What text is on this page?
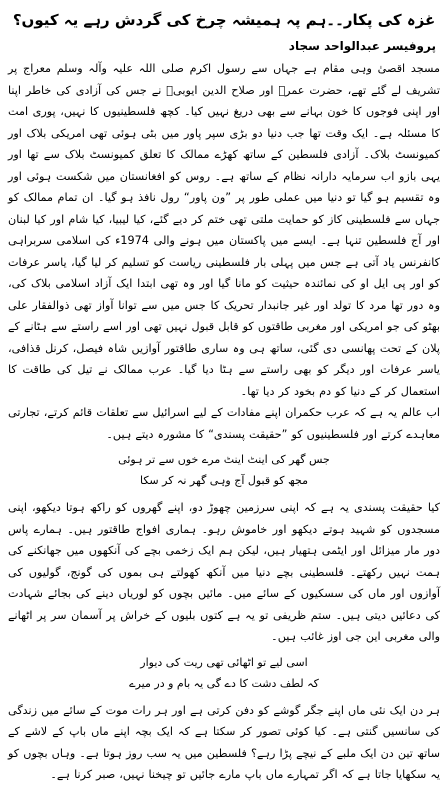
غزہ کی پکار۔۔ہم پہ ہمیشہ چرخ کی گردش رہے یہ کیوں؟
پروفیسر عبدالواحد سجاد

مسجد اقصیٰ وہی مقام ہے جہاں سے رسول اکرم صلی اللہ علیہ وآلہ وسلم معراج پر تشریف لے گئے تھے، حضرت عمرؓ اور صلاح الدین ایوبیؒ نے جس کی آزادی کی خاطر اپنا اور اپنی فوجوں کا خون بہانے سے بھی دریغ نہیں کیا۔ کچھ فلسطینیوں کا نہیں، پوری امت کا مسئلہ ہے۔ ایک وقت تھا جب دنیا دو بڑی سپر پاور میں بٹی ہوئی تھی امریکی بلاک اور کمیونسٹ بلاک۔ آزادی فلسطین کے ساتھ کھڑے ممالک کا تعلق کمیونسٹ بلاک سے تھا اور یہی بازو اب سرمایہ دارانہ نظام کے ساتھ ہے۔ روس کو افغانستان میں شکست ہوئی اور وہ تقسیم ہو گیا تو دنیا میں عملی طور پر ”ون پاور“ رول نافذ ہو گیا۔ ان تمام ممالک کو جہاں سے فلسطینی کاز کو حمایت ملتی تھی ختم کر دیے گئے، کیا لیبیا، کیا شام اور کیا لبنان اور آج فلسطین تنہا ہے۔ ایسے میں پاکستان میں ہونے والی 1974ء کی اسلامی سربراہی کانفرنس یاد آتی ہے جس میں پہلی بار فلسطینی ریاست کو تسلیم کر لیا گیا، یاسر عرفات کو اور پی ایل او کی نمائندہ حیثیت کو مانا گیا اور وہ تھی ابتدا ایک آزاد اسلامی بلاک کی، وہ دور تھا مرد کا تولد اور غیر جانبدار تحریک کا جس میں سے توانا آواز تھی ذوالفقار علی بھٹو کی جو امریکی اور مغربی طاقتوں کو قابل قبول نہیں تھی اور اسے راستے سے ہٹانے کے پلان کے تحت پھانسی دی گئی، ساتھ ہی وہ ساری طاقتور آوازیں شاہ فیصل، کرنل قذافی، یاسر عرفات اور دیگر کو بھی راستے سے ہٹا دیا گیا۔ عرب ممالک نے تیل کی طاقت کا استعمال کر کے دنیا کو دم بخود کر دیا تھا۔

اب عالم یہ ہے کہ عرب حکمران اپنے مفادات کے لیے اسرائیل سے تعلقات قائم کرتے، تجارتی معاہدے کرتے اور فلسطینیوں کو ”حقیقت پسندی“ کا مشورہ دیتے ہیں۔

جس گھر کی اینٹ اینٹ مرے خوں سے تر ہوئی
مجھ کو قبول آج وہی گھر نہ کر سکا

کیا حقیقت پسندی یہ ہے کہ اپنی سرزمین چھوڑ دو، اپنے گھروں کو راکھ ہوتا دیکھو، اپنی مسجدوں کو شہید ہوتے دیکھو اور خاموش رہو۔ ہماری افواج طاقتور ہیں۔ ہمارے پاس دور مار میزائل اور ایٹمی ہتھیار ہیں، لیکن ہم ایک زخمی بچے کی آنکھوں میں جھانکنے کی ہمت نہیں رکھتے۔ فلسطینی بچے دنیا میں آنکھ کھولتے ہی بموں کی گونج، گولیوں کی آوازوں اور ماں کی سسکیوں کے سائے میں۔ مائیں بچوں کو لوریاں دینے کی بجائے شہادت کی دعائیں دیتی ہیں۔ ستم ظریفی تو یہ ہے کتوں بلیوں کے خراش پر آسمان سر پر اٹھانے والی مغربی این جی اوز غائب ہیں۔

اسی لیے تو اٹھائی تھی ریت کی دیوار
کہ لطف دشت کا دے گی یہ بام و در میرے

ہر دن ایک نئی ماں اپنے جگر گوشے کو دفن کرتی ہے اور ہر رات موت کے سائے میں زندگی کی سانسیں گنتی ہے۔ کیا کوئی تصور کر سکتا ہے کہ ایک بچہ اپنے ماں باپ کے لاشے کے ساتھ تین دن ایک ملبے کے نیچے پڑا رہے؟ فلسطین میں یہ سب روز ہوتا ہے۔ وہاں بچوں کو یہ سکھایا جاتا ہے کہ اگر تمہارے ماں باپ مارے جائیں تو چیخنا نہیں، صبر کرنا ہے۔
